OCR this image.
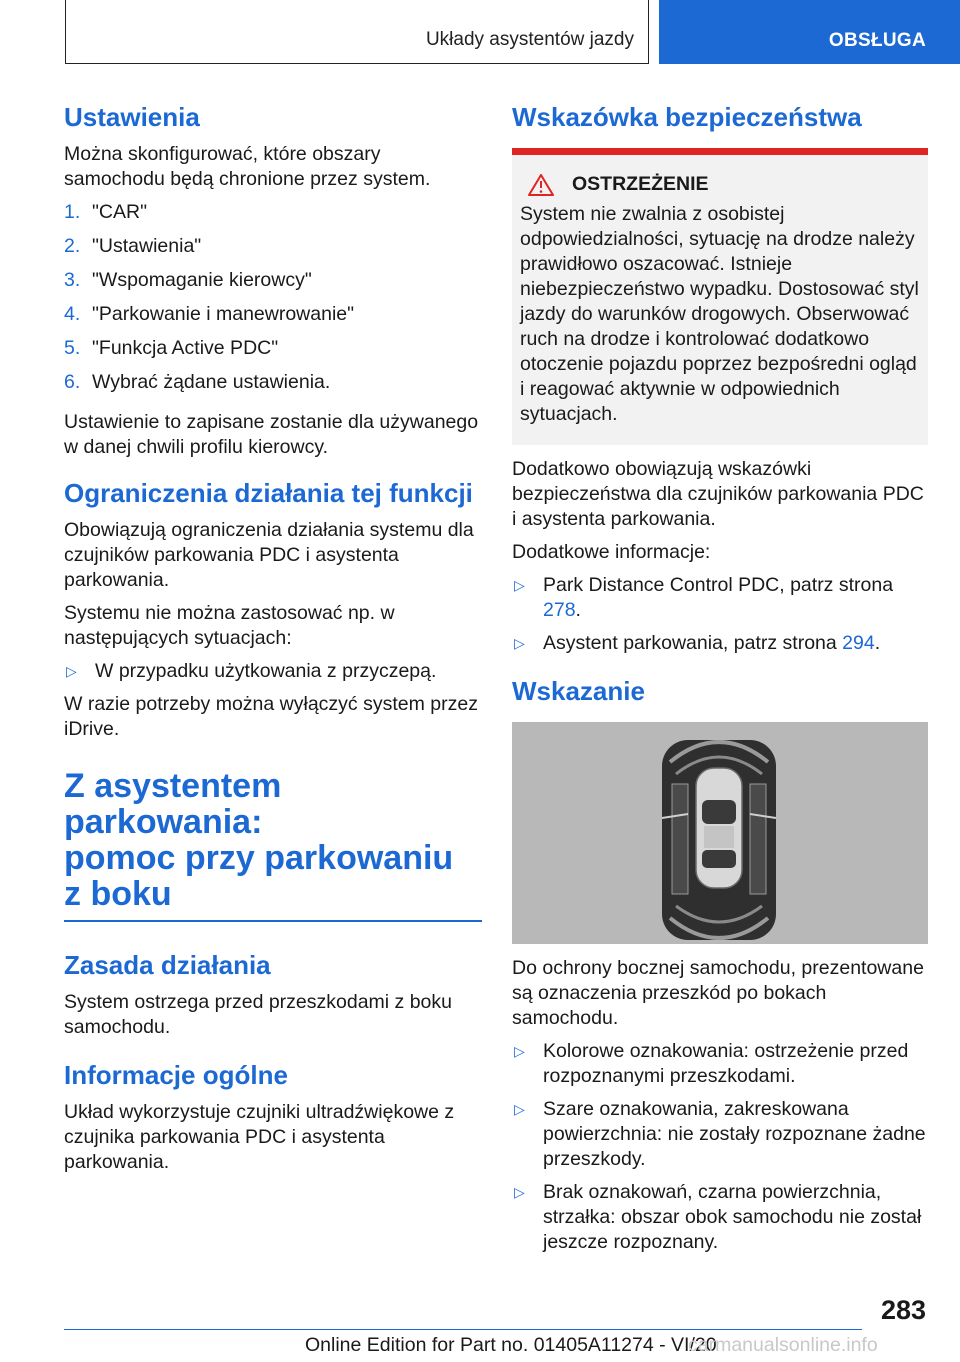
Układy asystentów jazdy	OBSŁUGA
Ustawienia

Można skonfigurować, które obszary samochodu będą chronione przez system.

1. "CAR"
2. "Ustawienia"
3. "Wspomaganie kierowcy"
4. "Parkowanie i manewrowanie"
5. "Funkcja Active PDC"
6. Wybrać żądane ustawienia.

Ustawienie to zapisane zostanie dla używanego w danej chwili profilu kierowcy.

Ograniczenia działania tej funkcji

Obowiązują ograniczenia działania systemu dla czujników parkowania PDC i asystenta parkowania.

Systemu nie można zastosować np. w następujących sytuacjach:

▷ W przypadku użytkowania z przyczepą.

W razie potrzeby można wyłączyć system przez iDrive.

Z asystentem parkowania:
pomoc przy parkowaniu
z boku
Zasada działania

System ostrzega przed przeszkodami z boku samochodu.

Informacje ogólne

Układ wykorzystuje czujniki ultradźwiękowe z czujnika parkowania PDC i asystenta parkowania.

Wskazówka bezpieczeństwa
OSTRZEŻENIE

System nie zwalnia z osobistej odpowiedzialności, sytuację na drodze należy prawidłowo oszacować. Istnieje niebezpieczeństwo wypadku. Dostosować styl jazdy do warunków drogowych. Obserwować ruch na drodze i kontrolować dodatkowo otoczenie pojazdu poprzez bezpośredni ogląd i reagować aktywnie w odpowiednich sytuacjach.

Dodatkowo obowiązują wskazówki bezpieczeństwa dla czujników parkowania PDC i asystenta parkowania.

Dodatkowe informacje:

▷ Park Distance Control PDC, patrz strona 278.
▷ Asystent parkowania, patrz strona 294.
Wskazanie

Do ochrony bocznej samochodu, prezentowane są oznaczenia przeszkód po bokach samochodu.

▷ Kolorowe oznakowania: ostrzeżenie przed rozpoznanymi przeszkodami.
▷ Szare oznakowania, zakreskowana powierzchnia: nie zostały rozpoznane żadne przeszkody.
▷ Brak oznakowań, czarna powierzchnia, strzałka: obszar obok samochodu nie został jeszcze rozpoznany.
283
Online Edition for Part no. 01405A11274 - VI/20
carmanualsonline.info
